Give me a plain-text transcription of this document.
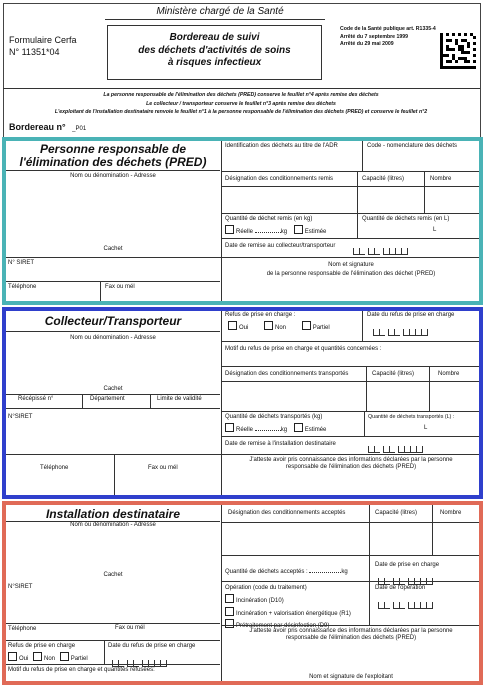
Ministère chargé de la Santé
Formulaire Cerfa
N° 11351*04
Bordereau de suivi
des déchets d'activités de soins
à risques infectieux
Code de la Santé publique art. R1335-4
Arrêté du 7 septembre 1999
Arrêté du 29 mai 2009
La personne responsable de l'élimination des déchets (PRED) conserve le feuillet n°4 après remise des déchets
Le collecteur / transporteur conserve le feuillet n°3 après remise des déchets
L'exploitant de l'installation destinataire renvoie le feuillet n°1 à la personne responsable de l'élimination des déchets (PRED) et conserve le feuillet n°2
Bordereau n° _P01
Personne responsable de
l'élimination des déchets (PRED)
Nom ou dénomination - Adresse
Cachet
N° SIRET
Téléphone	Fax ou mél
Identification des déchets au titre de l'ADR	Code - nomenclature des déchets
Désignation des conditionnements remis	Capacité (litres)	Nombre
Quantité de déchet remis (en kg)
Réelle	kg	Estimée
Quantité de déchets remis (en L)
L
Date de remise au collecteur/transporteur
Nom et signature
de la personne responsable de l'élimination des déchet (PRED)
Collecteur/Transporteur
Nom ou dénomination - Adresse
Cachet
Récépissé n°	Département	Limite de validité
N°SIRET
Téléphone	Fax ou mél
Refus de prise en charge :
Oui	Non	Partiel
Date du refus de prise en charge
Motif du refus de prise en charge et quantités concernées :
Désignation des conditionnements transportés	Capacité (litres)	Nombre
Quantité de déchets transportés (kg)
Réelle	kg	Estimée
Quantité de déchets transportés (L) :
L
Date de remise à l'installation destinataire
J'atteste avoir pris connaissance des informations déclarées par la personne
responsable de l'élimination des déchets (PRED)
Installation destinataire
Nom ou dénomination - Adresse
Cachet
N°SIRET
Téléphone	Fax ou mél
Refus de prise en charge
Oui	Non	Partiel
Date du refus de prise en charge
Motif du refus de prise en charge et quantités refusées:
Désignation des conditionnements acceptés	Capacité (litres)	Nombre
Quantité de déchets acceptés :	kg
Date de prise en charge
Opération (code du traitement)
Incinération (D10)
Incinération + valorisation énergétique (R1)
Prétraitement par désinfection (D9)
Date de l'opération
J'atteste avoir pris connaissance des informations déclarées par la personne
responsable de l'élimination des déchets (PRED)
Nom et signature de l'exploitant
